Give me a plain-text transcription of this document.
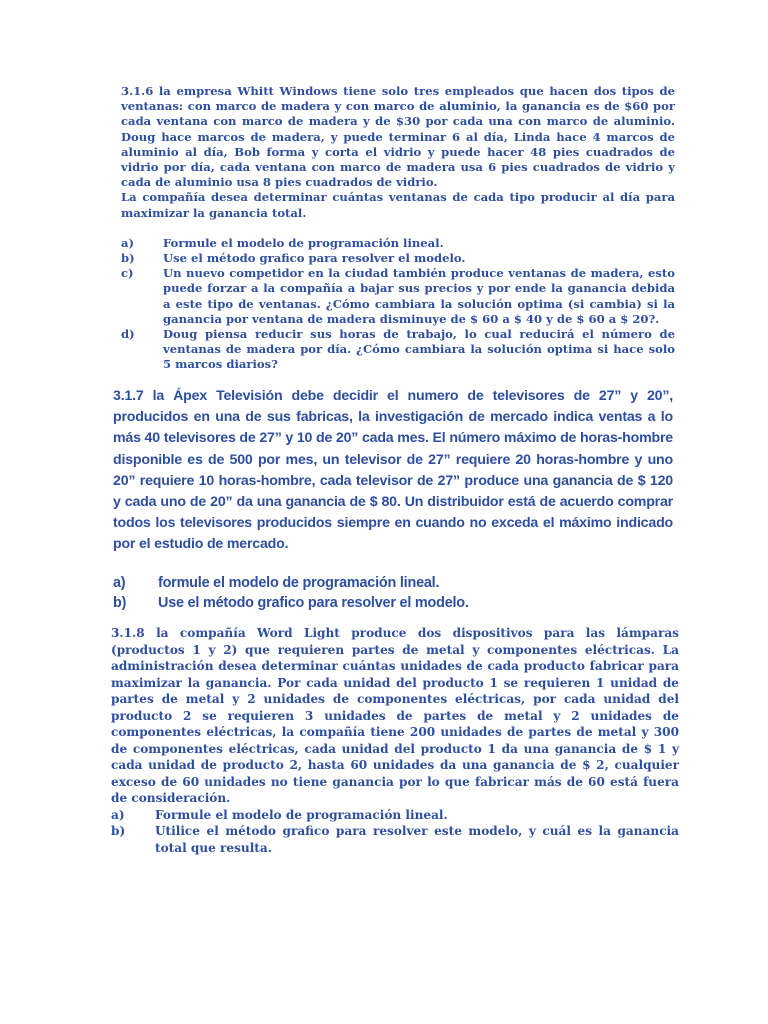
3.1.6 la empresa Whitt Windows tiene solo tres empleados que hacen dos tipos de ventanas: con marco de madera y con marco de aluminio, la ganancia es de $60 por cada ventana con marco de madera y de $30 por cada una con marco de aluminio. Doug hace marcos de madera, y puede terminar 6 al día, Linda hace 4 marcos de aluminio al día, Bob forma y corta el vidrio y puede hacer 48 pies cuadrados de vidrio por día, cada ventana con marco de madera usa 6 pies cuadrados de vidrio y cada de aluminio usa 8 pies cuadrados de vidrio.

La compañía desea determinar cuántas ventanas de cada tipo producir al día para maximizar la ganancia total.

a)	Formule el modelo de programación lineal.
b)	Use el método grafico para resolver el modelo.
c)	Un nuevo competidor en la ciudad también produce ventanas de madera, esto puede forzar a la compañía a bajar sus precios y por ende la ganancia debida a este tipo de ventanas. ¿Cómo cambiara la solución optima (si cambia) si la ganancia por ventana de madera disminuye de $ 60 a $ 40 y de $ 60 a $ 20?.
d)	Doug piensa reducir sus horas de trabajo, lo cual reducirá el número de ventanas de madera por día. ¿Cómo cambiara la solución optima si hace solo 5 marcos diarios?

3.1.7 la Ápex Televisión debe decidir el numero de televisores de 27” y 20”, producidos en una de sus fabricas, la investigación de mercado indica ventas a lo más 40 televisores de 27” y 10 de 20” cada mes. El número máximo de horas-hombre disponible es de 500 por mes, un televisor de 27” requiere 20 horas-hombre y uno 20” requiere 10 horas-hombre, cada televisor de 27” produce una ganancia de $ 120 y cada uno de 20” da una ganancia de $ 80. Un distribuidor está de acuerdo comprar todos los televisores producidos siempre en cuando no exceda el máximo indicado por el estudio de mercado.

a)	formule el modelo de programación lineal.
b)	Use el método grafico para resolver el modelo.

3.1.8 la compañía Word Light produce dos dispositivos para las lámparas (productos 1 y 2) que requieren partes de metal y componentes eléctricas. La administración desea determinar cuántas unidades de cada producto fabricar para maximizar la ganancia. Por cada unidad del producto 1 se requieren 1 unidad de partes de metal y 2 unidades de componentes eléctricas, por cada unidad del producto 2 se requieren 3 unidades de partes de metal y 2 unidades de componentes eléctricas, la compañía tiene 200 unidades de partes de metal y 300 de componentes eléctricas, cada unidad del producto 1 da una ganancia de $ 1 y cada unidad de producto 2, hasta 60 unidades da una ganancia de $ 2, cualquier exceso de 60 unidades no tiene ganancia por lo que fabricar más de 60 está fuera de consideración.

a)	Formule el modelo de programación lineal.
b)	Utilice el método grafico para resolver este modelo, y cuál es la ganancia total que resulta.
